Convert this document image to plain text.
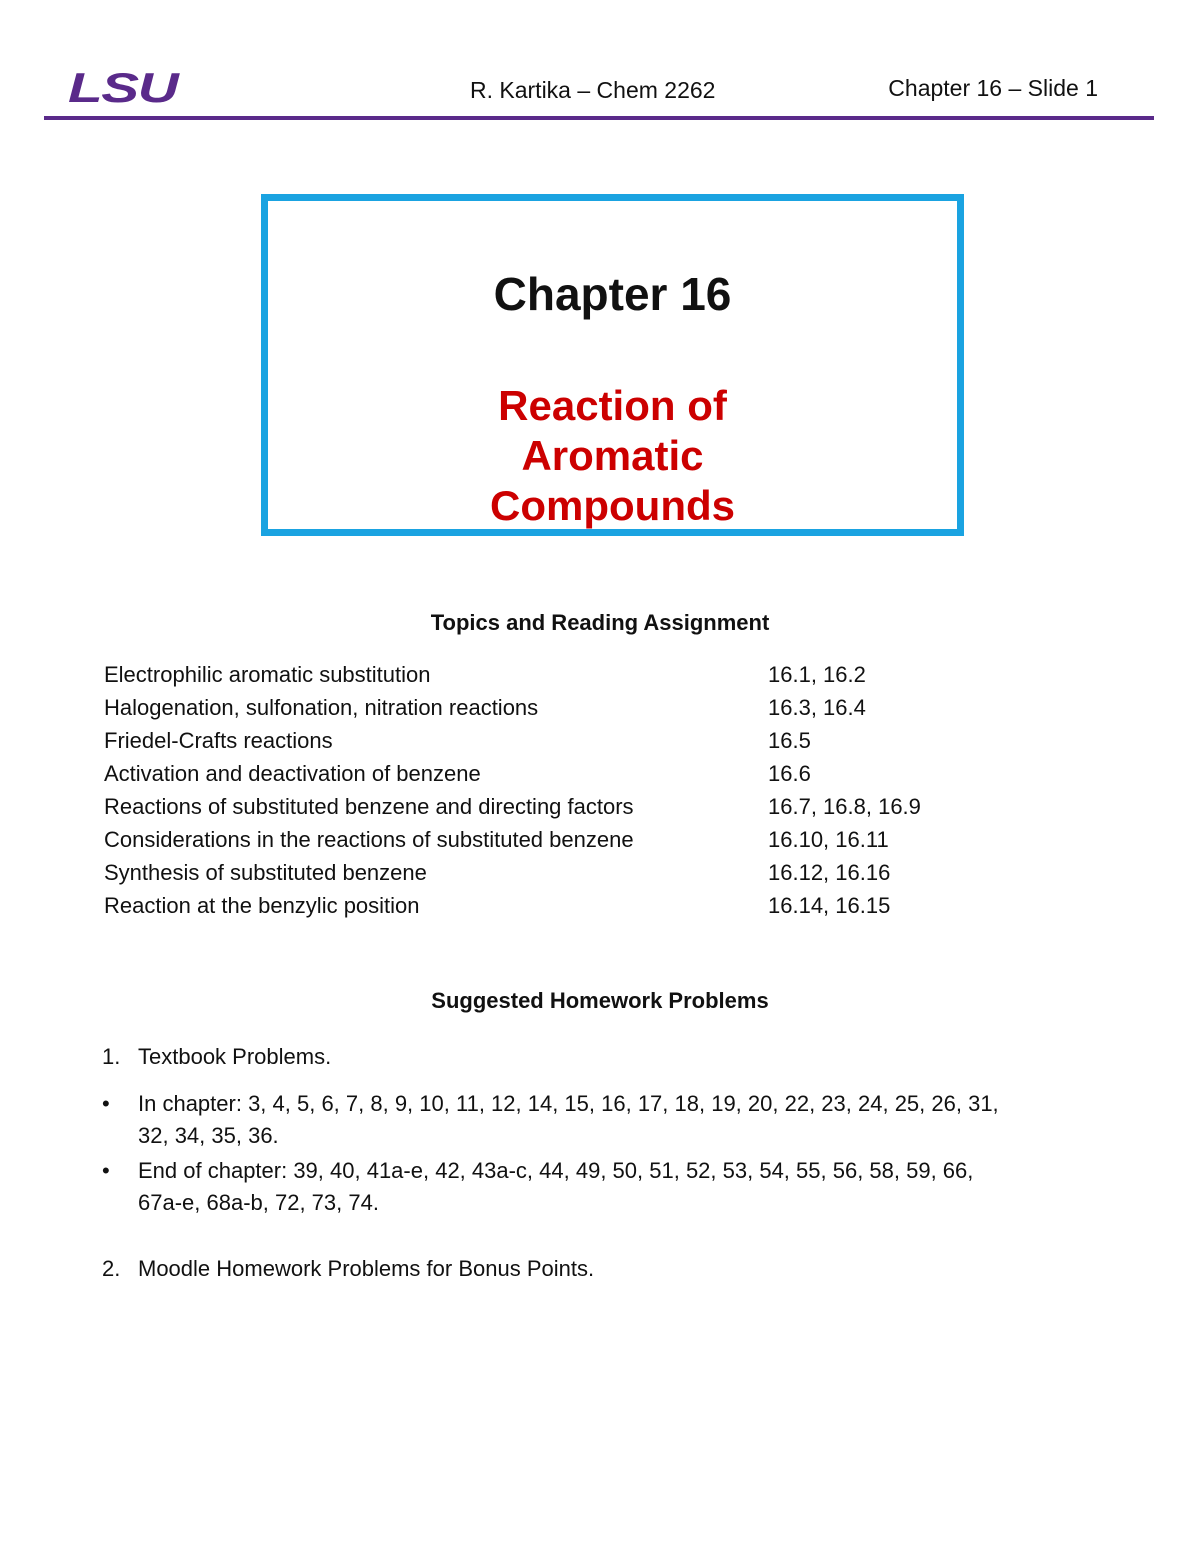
LSU	R. Kartika – Chem 2262	Chapter 16 – Slide 1
Chapter 16
Reaction of
Aromatic
Compounds
Topics and Reading Assignment
Electrophilic aromatic substitution	16.1, 16.2
Halogenation, sulfonation, nitration reactions	16.3, 16.4
Friedel-Crafts reactions	16.5
Activation and deactivation of benzene	16.6
Reactions of substituted benzene and directing factors	16.7, 16.8, 16.9
Considerations in the reactions of substituted benzene	16.10, 16.11
Synthesis of substituted benzene	16.12, 16.16
Reaction at the benzylic position	16.14, 16.15
Suggested Homework Problems
1. Textbook Problems.
• In chapter: 3, 4, 5, 6, 7, 8, 9, 10, 11, 12, 14, 15, 16, 17, 18, 19, 20, 22, 23, 24, 25, 26, 31,
32, 34, 35, 36.
• End of chapter: 39, 40, 41a-e, 42, 43a-c, 44, 49, 50, 51, 52, 53, 54, 55, 56, 58, 59, 66,
67a-e, 68a-b, 72, 73, 74.
2. Moodle Homework Problems for Bonus Points.
